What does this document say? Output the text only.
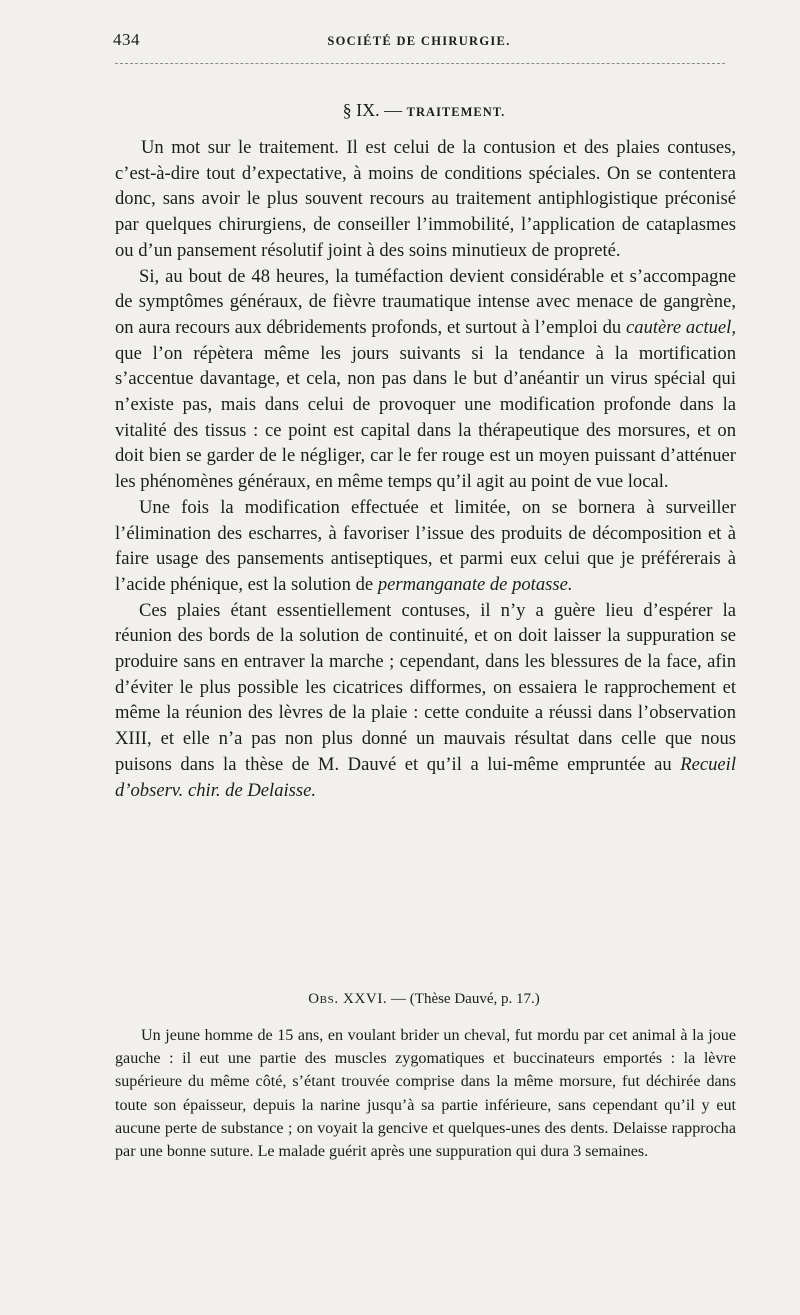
434	SOCIÉTÉ DE CHIRURGIE.
§ IX. — TRAITEMENT.

Un mot sur le traitement. Il est celui de la contusion et des plaies contuses, c’est-à-dire tout d’expectative, à moins de conditions spéciales. On se contentera donc, sans avoir le plus souvent recours au traitement antiphlogistique préconisé par quelques chirurgiens, de conseiller l’immobilité, l’application de cataplasmes ou d’un pansement résolutif joint à des soins minutieux de propreté.

Si, au bout de 48 heures, la tuméfaction devient considérable et s’accompagne de symptômes généraux, de fièvre traumatique intense avec menace de gangrène, on aura recours aux débridements profonds, et surtout à l’emploi du cautère actuel, que l’on répètera même les jours suivants si la tendance à la mortification s’accentue davantage, et cela, non pas dans le but d’anéantir un virus spécial qui n’existe pas, mais dans celui de provoquer une modification profonde dans la vitalité des tissus : ce point est capital dans la thérapeutique des morsures, et on doit bien se garder de le négliger, car le fer rouge est un moyen puissant d’atténuer les phénomènes généraux, en même temps qu’il agit au point de vue local.

Une fois la modification effectuée et limitée, on se bornera à surveiller l’élimination des escharres, à favoriser l’issue des produits de décomposition et à faire usage des pansements antiseptiques, et parmi eux celui que je préférerais à l’acide phénique, est la solution de permanganate de potasse.

Ces plaies étant essentiellement contuses, il n’y a guère lieu d’espérer la réunion des bords de la solution de continuité, et on doit laisser la suppuration se produire sans en entraver la marche ; cependant, dans les blessures de la face, afin d’éviter le plus possible les cicatrices difformes, on essaiera le rapprochement et même la réunion des lèvres de la plaie : cette conduite a réussi dans l’observation XIII, et elle n’a pas non plus donné un mauvais résultat dans celle que nous puisons dans la thèse de M. Dauvé et qu’il a lui-même empruntée au Recueil d’observ. chir. de Delaisse.

Obs. XXVI. — (Thèse Dauvé, p. 17.)

Un jeune homme de 15 ans, en voulant brider un cheval, fut mordu par cet animal à la joue gauche : il eut une partie des muscles zygomatiques et buccinateurs emportés : la lèvre supérieure du même côté, s’étant trouvée comprise dans la même morsure, fut déchirée dans toute son épaisseur, depuis la narine jusqu’à sa partie inférieure, sans cependant qu’il y eut aucune perte de substance ; on voyait la gencive et quelques-unes des dents. Delaisse rapprocha par une bonne suture. Le malade guérit après une suppuration qui dura 3 semaines.
